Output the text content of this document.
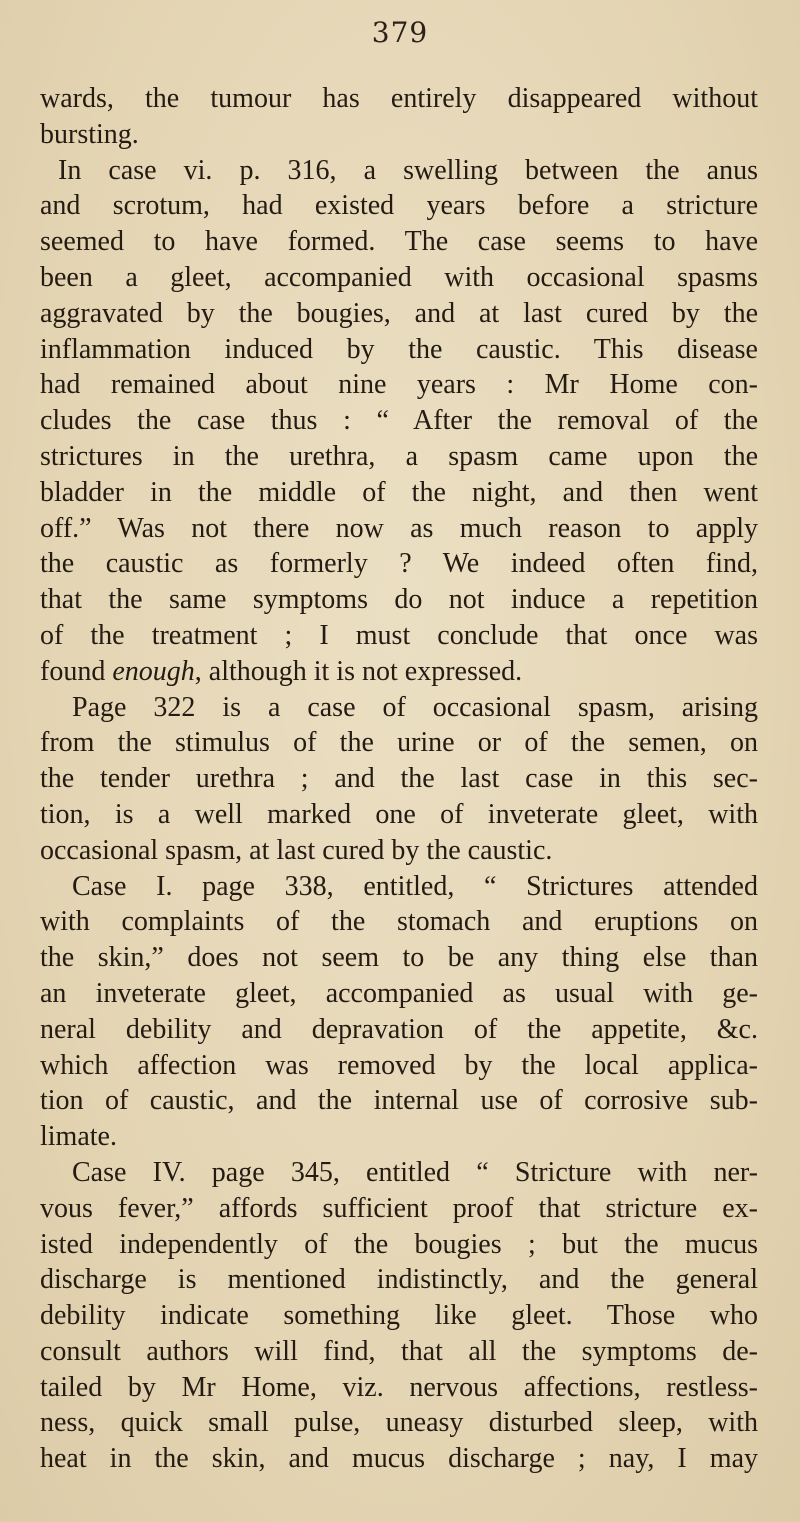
379
wards, the tumour has entirely disappeared without
bursting.
In case vi. p. 316, a swelling between the anus
and scrotum, had existed years before a stricture
seemed to have formed. The case seems to have
been a gleet, accompanied with occasional spasms
aggravated by the bougies, and at last cured by the
inflammation induced by the caustic. This disease
had remained about nine years : Mr Home con-
cludes the case thus : “ After the removal of the
strictures in the urethra, a spasm came upon the
bladder in the middle of the night, and then went
off.” Was not there now as much reason to apply
the caustic as formerly ? We indeed often find,
that the same symptoms do not induce a repetition
of the treatment ; I must conclude that once was
found enough, although it is not expressed.
Page 322 is a case of occasional spasm, arising
from the stimulus of the urine or of the semen, on
the tender urethra ; and the last case in this sec-
tion, is a well marked one of inveterate gleet, with
occasional spasm, at last cured by the caustic.
Case I. page 338, entitled, “ Strictures attended
with complaints of the stomach and eruptions on
the skin,” does not seem to be any thing else than
an inveterate gleet, accompanied as usual with ge-
neral debility and depravation of the appetite, &c.
which affection was removed by the local applica-
tion of caustic, and the internal use of corrosive sub-
limate.
Case IV. page 345, entitled “ Stricture with ner-
vous fever,” affords sufficient proof that stricture ex-
isted independently of the bougies ; but the mucus
discharge is mentioned indistinctly, and the general
debility indicate something like gleet. Those who
consult authors will find, that all the symptoms de-
tailed by Mr Home, viz. nervous affections, restless-
ness, quick small pulse, uneasy disturbed sleep, with
heat in the skin, and mucus discharge ; nay, I may
